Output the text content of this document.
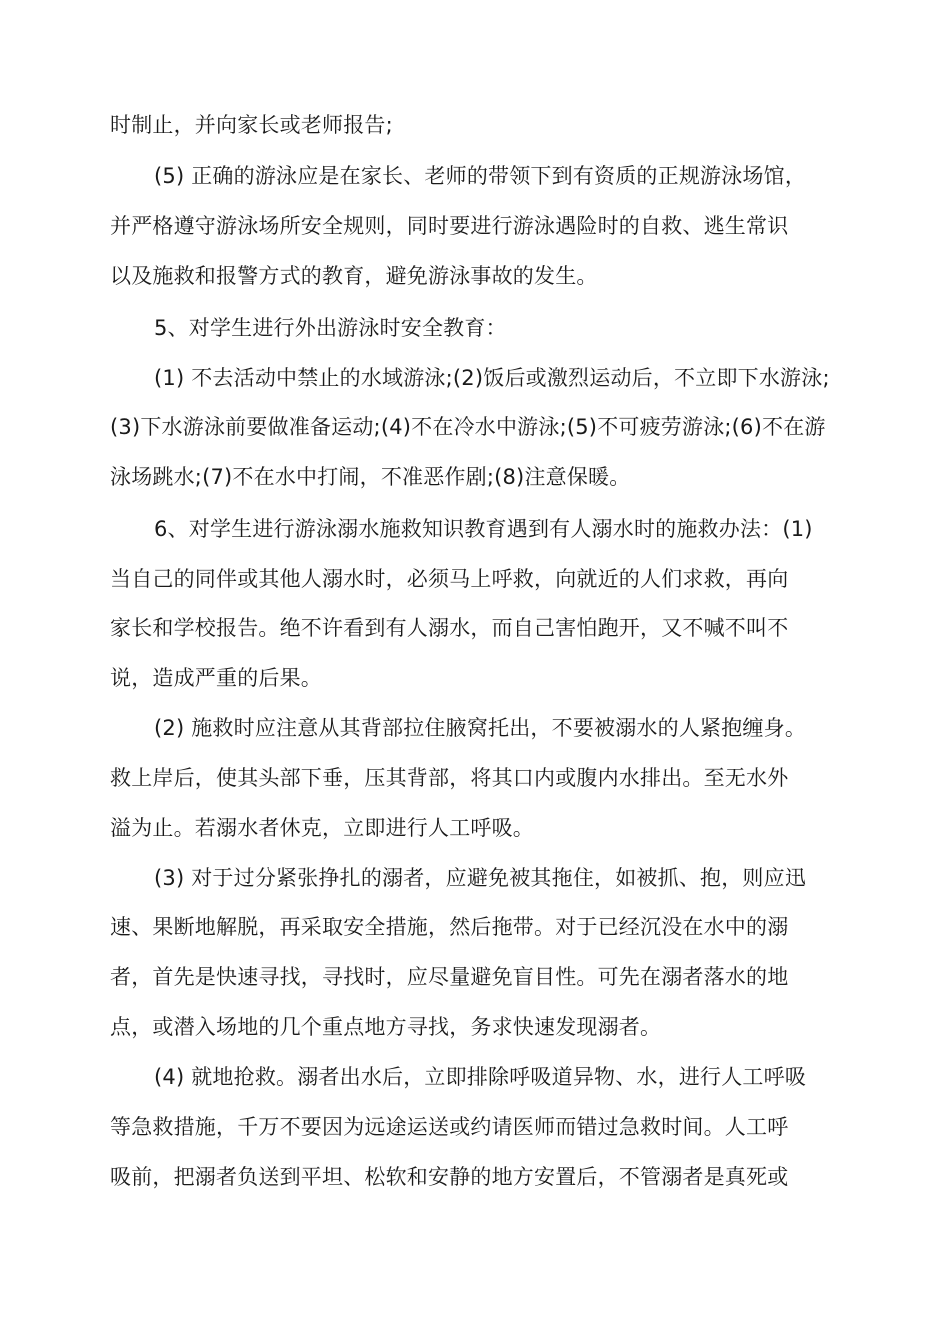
时制止，并向家长或老师报告;
(5) 正确的游泳应是在家长、老师的带领下到有资质的正规游泳场馆，
并严格遵守游泳场所安全规则，同时要进行游泳遇险时的自救、逃生常识
以及施救和报警方式的教育，避免游泳事故的发生。
5、对学生进行外出游泳时安全教育：
(1) 不去活动中禁止的水域游泳;(2)饭后或激烈运动后，不立即下水游泳;
(3)下水游泳前要做准备运动;(4)不在冷水中游泳;(5)不可疲劳游泳;(6)不在游
泳场跳水;(7)不在水中打闹，不准恶作剧;(8)注意保暖。
6、对学生进行游泳溺水施救知识教育遇到有人溺水时的施救办法：(1)
当自己的同伴或其他人溺水时，必须马上呼救，向就近的人们求救，再向
家长和学校报告。绝不许看到有人溺水，而自己害怕跑开，又不喊不叫不
说，造成严重的后果。
(2) 施救时应注意从其背部拉住腋窝托出，不要被溺水的人紧抱缠身。
救上岸后，使其头部下垂，压其背部，将其口内或腹内水排出。至无水外
溢为止。若溺水者休克，立即进行人工呼吸。
(3) 对于过分紧张挣扎的溺者，应避免被其拖住，如被抓、抱，则应迅
速、果断地解脱，再采取安全措施，然后拖带。对于已经沉没在水中的溺
者，首先是快速寻找，寻找时，应尽量避免盲目性。可先在溺者落水的地
点，或潜入场地的几个重点地方寻找，务求快速发现溺者。
(4) 就地抢救。溺者出水后，立即排除呼吸道异物、水，进行人工呼吸
等急救措施，千万不要因为远途运送或约请医师而错过急救时间。人工呼
吸前，把溺者负送到平坦、松软和安静的地方安置后，不管溺者是真死或
